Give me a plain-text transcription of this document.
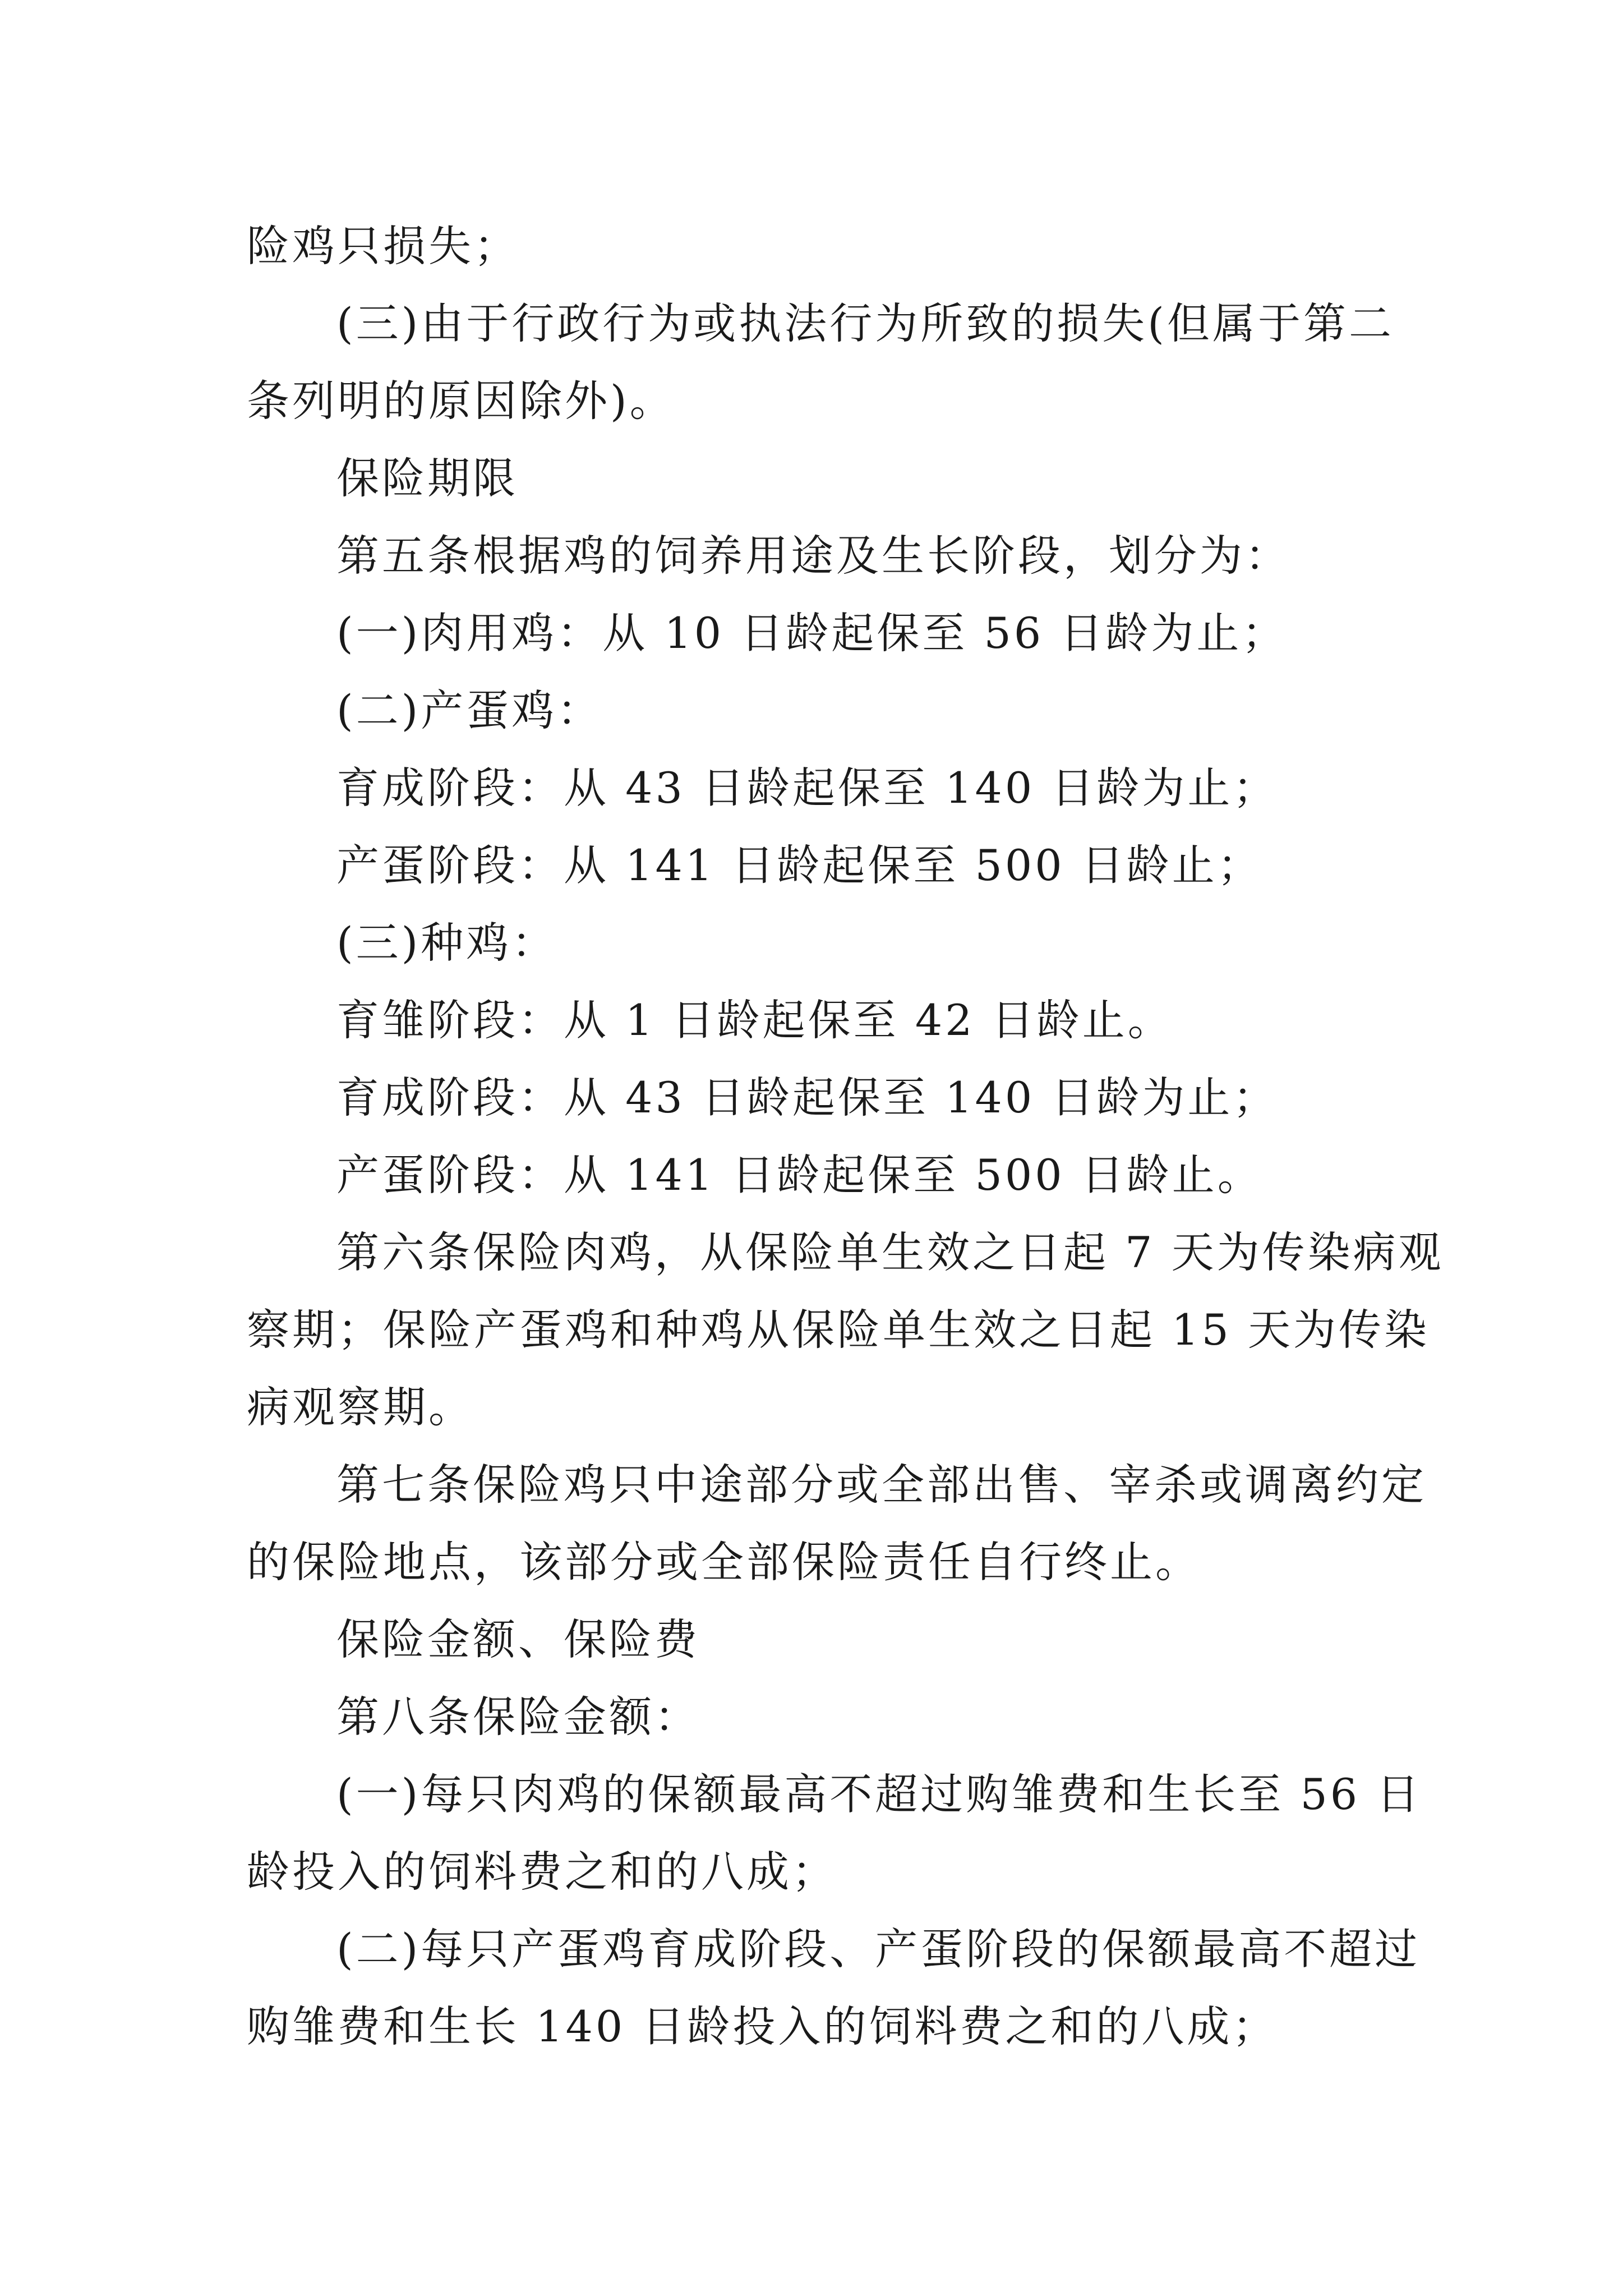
险鸡只损失；
(三)由于行政行为或执法行为所致的损失(但属于第二
条列明的原因除外)。
保险期限
第五条根据鸡的饲养用途及生长阶段，划分为：
(一)肉用鸡：从 10 日龄起保至 56 日龄为止；
(二)产蛋鸡：
育成阶段：从 43 日龄起保至 140 日龄为止；
产蛋阶段：从 141 日龄起保至 500 日龄止；
(三)种鸡：
育雏阶段：从 1 日龄起保至 42 日龄止。
育成阶段：从 43 日龄起保至 140 日龄为止；
产蛋阶段：从 141 日龄起保至 500 日龄止。
第六条保险肉鸡，从保险单生效之日起 7 天为传染病观
察期；保险产蛋鸡和种鸡从保险单生效之日起 15 天为传染
病观察期。
第七条保险鸡只中途部分或全部出售、宰杀或调离约定
的保险地点，该部分或全部保险责任自行终止。
保险金额、保险费
第八条保险金额：
(一)每只肉鸡的保额最高不超过购雏费和生长至 56 日
龄投入的饲料费之和的八成；
(二)每只产蛋鸡育成阶段、产蛋阶段的保额最高不超过
购雏费和生长 140 日龄投入的饲料费之和的八成；
